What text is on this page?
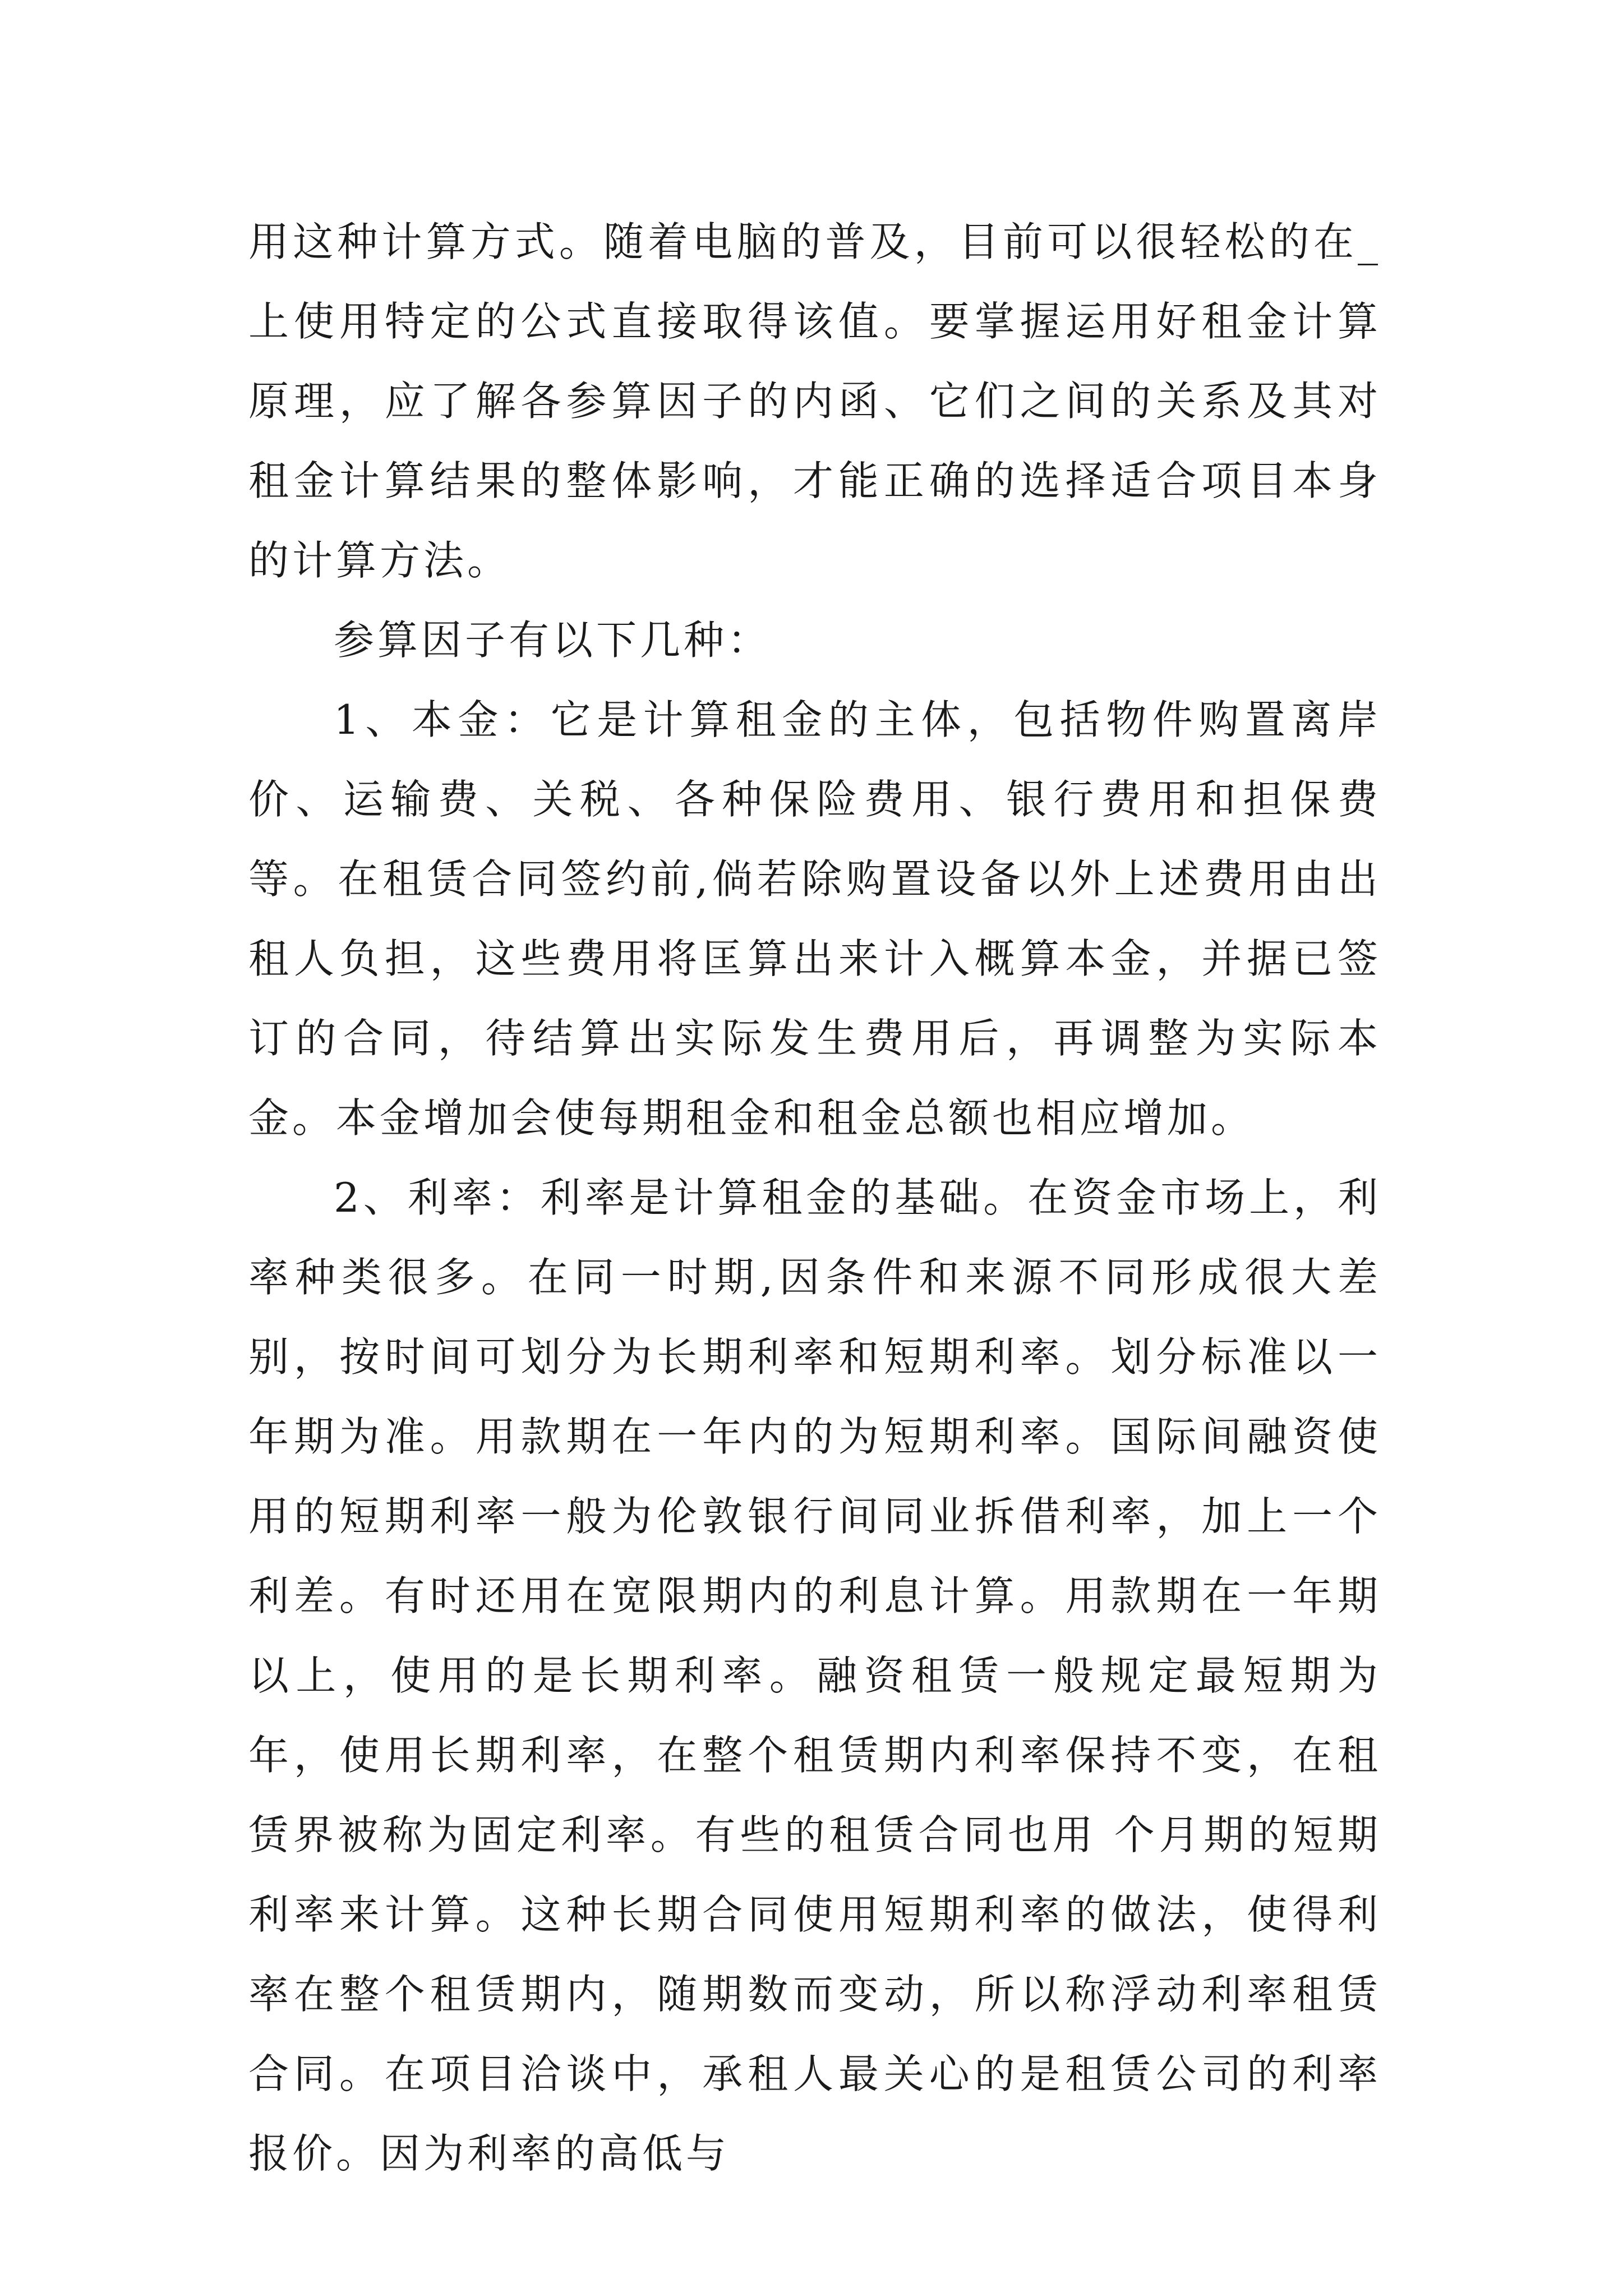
用这种计算方式。随着电脑的普及，目前可以很轻松的在_上使用特定的公式直接取得该值。要掌握运用好租金计算原理，应了解各参算因子的内函、它们之间的关系及其对租金计算结果的整体影响，才能正确的选择适合项目本身的计算方法。

参算因子有以下几种：

1、本金：它是计算租金的主体，包括物件购置离岸价、运输费、关税、各种保险费用、银行费用和担保费等。在租赁合同签约前,倘若除购置设备以外上述费用由出租人负担，这些费用将匡算出来计入概算本金，并据已签订的合同，待结算出实际发生费用后，再调整为实际本金。本金增加会使每期租金和租金总额也相应增加。

2、利率：利率是计算租金的基础。在资金市场上，利率种类很多。在同一时期,因条件和来源不同形成很大差别，按时间可划分为长期利率和短期利率。划分标准以一年期为准。用款期在一年内的为短期利率。国际间融资使用的短期利率一般为伦敦银行间同业拆借利率，加上一个利差。有时还用在宽限期内的利息计算。用款期在一年期以上，使用的是长期利率。融资租赁一般规定最短期为 年，使用长期利率，在整个租赁期内利率保持不变，在租赁界被称为固定利率。有些的租赁合同也用 个月期的短期利率来计算。这种长期合同使用短期利率的做法，使得利率在整个租赁期内，随期数而变动，所以称浮动利率租赁合同。在项目洽谈中，承租人最关心的是租赁公司的利率报价。因为利率的高低与
